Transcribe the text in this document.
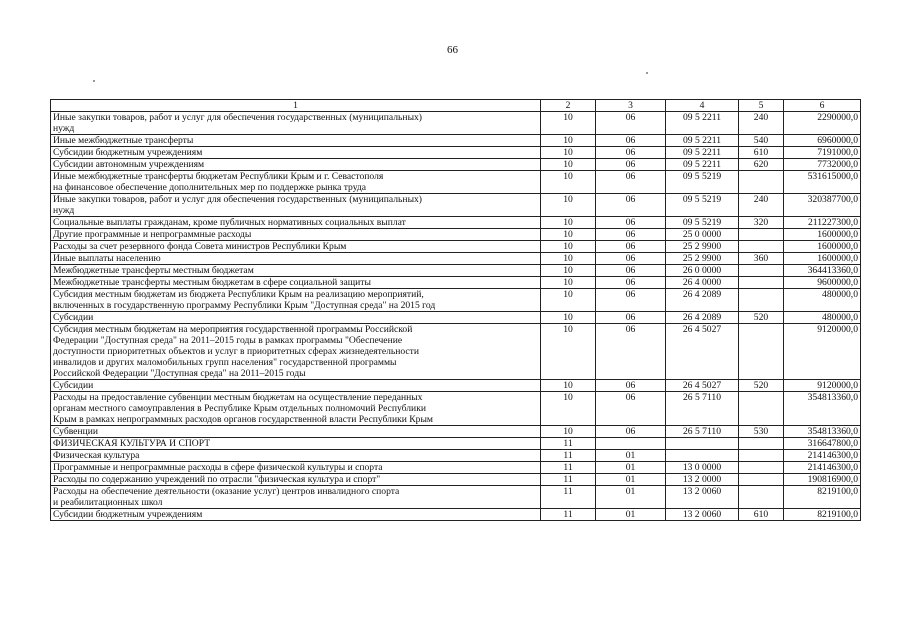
66
1	2	3	4	5	6
Иные закупки товаров, работ и услуг для обеспечения государственных (муниципальных)
нужд	10	06	09 5 2211	240	2290000,0
Иные межбюджетные трансферты	10	06	09 5 2211	540	6960000,0
Субсидии бюджетным учреждениям	10	06	09 5 2211	610	7191000,0
Субсидии автономным учреждениям	10	06	09 5 2211	620	7732000,0
Иные межбюджетные трансферты бюджетам Республики Крым и г. Севастополя
на финансовое обеспечение дополнительных мер по поддержке рынка труда	10	06	09 5 5219		531615000,0
Иные закупки товаров, работ и услуг для обеспечения государственных (муниципальных)
нужд	10	06	09 5 5219	240	320387700,0
Социальные выплаты гражданам, кроме публичных нормативных социальных выплат	10	06	09 5 5219	320	211227300,0
Другие программные и непрограммные расходы	10	06	25 0 0000		1600000,0
Расходы за счет резервного фонда Совета министров Республики Крым	10	06	25 2 9900		1600000,0
Иные выплаты населению	10	06	25 2 9900	360	1600000,0
Межбюджетные трансферты местным бюджетам	10	06	26 0 0000		364413360,0
Межбюджетные трансферты местным бюджетам в сфере социальной защиты	10	06	26 4 0000		9600000,0
Субсидия местным бюджетам из бюджета Республики Крым на реализацию мероприятий,
включенных в государственную программу Республики Крым "Доступная среда" на 2015 год	10	06	26 4 2089		480000,0
Субсидии	10	06	26 4 2089	520	480000,0
Субсидия местным бюджетам на мероприятия государственной программы Российской
Федерации "Доступная среда" на 2011–2015 годы в рамках программы "Обеспечение
доступности приоритетных объектов и услуг в приоритетных сферах жизнедеятельности
инвалидов и других маломобильных групп населения" государственной программы
Российской Федерации "Доступная среда" на 2011–2015 годы	10	06	26 4 5027		9120000,0
Субсидии	10	06	26 4 5027	520	9120000,0
Расходы на предоставление субвенции местным бюджетам на осуществление переданных
органам местного самоуправления в Республике Крым отдельных полномочий Республики
Крым в рамках непрограммных расходов органов государственной власти Республики Крым	10	06	26 5 7110		354813360,0
Субвенции	10	06	26 5 7110	530	354813360,0
ФИЗИЧЕСКАЯ КУЛЬТУРА И СПОРТ	11				316647800,0
Физическая культура	11	01			214146300,0
Программные и непрограммные расходы в сфере физической культуры и спорта	11	01	13 0 0000		214146300,0
Расходы по содержанию учреждений по отрасли "физическая культура и спорт"	11	01	13 2 0000		190816900,0
Расходы на обеспечение деятельности (оказание услуг) центров инвалидного спорта
и реабилитационных школ	11	01	13 2 0060		8219100,0
Субсидии бюджетным учреждениям	11	01	13 2 0060	610	8219100,0
